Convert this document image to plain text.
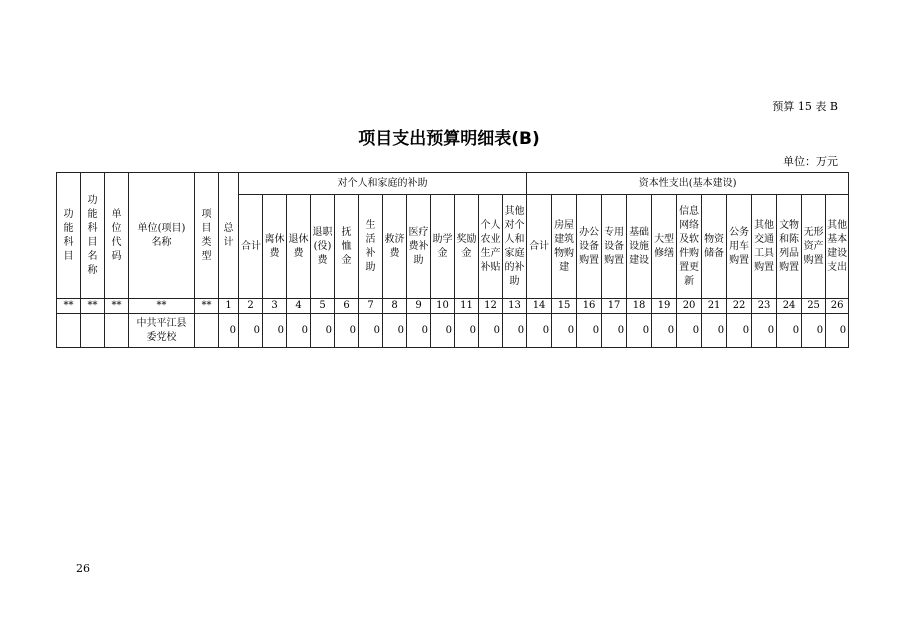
预算 15 表 B
项目支出预算明细表(B)
单位：万元
功能科目	功能科目名称	单位代码	单位(项目)名称	项目类型	总计	对个人和家庭的补助												资本性支出(基本建设)												
						合计	离休费	退休费	退职(役)费	抚恤金	生活补助	救济费	医疗费补助	助学金	奖励金	个人农业生产补贴	其他对个人和家庭的补助	合计	房屋建筑物购建	办公设备购置	专用设备购置	基础设施建设	大型修缮	信息网络及软件购置更新	物资储备	公务用车购置	其他交通工具购置	文物和陈列品购置	无形资产购置	其他基本建设支出
**	**	**	**	**	1	2	3	4	5	6	7	8	9	10	11	12	13	14	15	16	17	18	19	20	21	22	23	24	25	26
			中共平江县委党校		0	0	0	0	0	0	0	0	0	0	0	0	0	0	0	0	0	0	0	0	0	0	0	0	0	0
26
